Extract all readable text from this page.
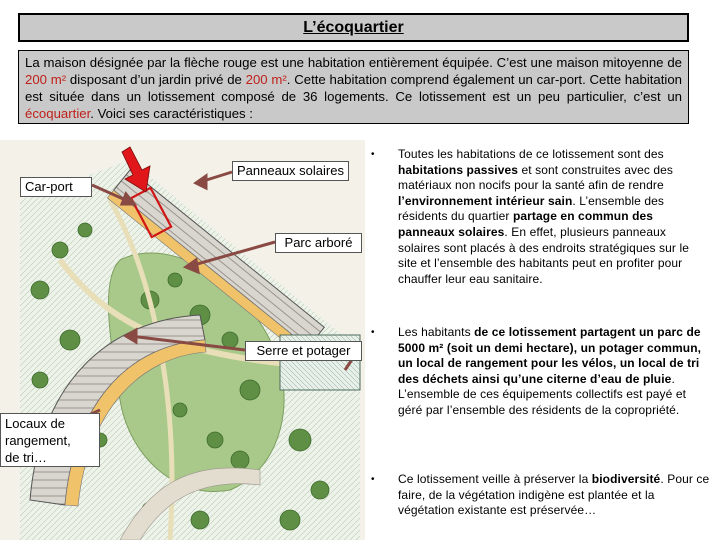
L’écoquartier
La maison désignée par la flèche rouge est une habitation entièrement équipée. C’est une maison mitoyenne de 200 m² disposant d’un jardin privé de 200 m². Cette habitation comprend également un car-port. Cette habitation est située dans un lotissement composé de 36 logements. Ce lotissement est un peu particulier, c’est un écoquartier. Voici ses caractéristiques :
Panneaux solaires
Car-port
Parc arboré
Serre et potager
Locaux de
rangement,
de tri…
• Toutes les habitations de ce lotissement sont des habitations passives et sont construites avec des matériaux non nocifs pour la santé afin de rendre l’environnement intérieur sain. L’ensemble des résidents du quartier partage en commun des panneaux solaires. En effet, plusieurs panneaux solaires sont placés à des endroits stratégiques sur le site et l’ensemble des habitants peut en profiter pour chauffer leur eau sanitaire.
• Les habitants de ce lotissement partagent un parc de 5000 m² (soit un demi hectare), un potager commun, un local de rangement pour les vélos, un local de tri des déchets ainsi qu’une citerne d’eau de pluie. L’ensemble de ces équipements collectifs est payé et géré par l’ensemble des résidents de la copropriété.
• Ce lotissement veille à préserver la biodiversité. Pour ce faire, de la végétation indigène est plantée et la végétation existante est préservée…
